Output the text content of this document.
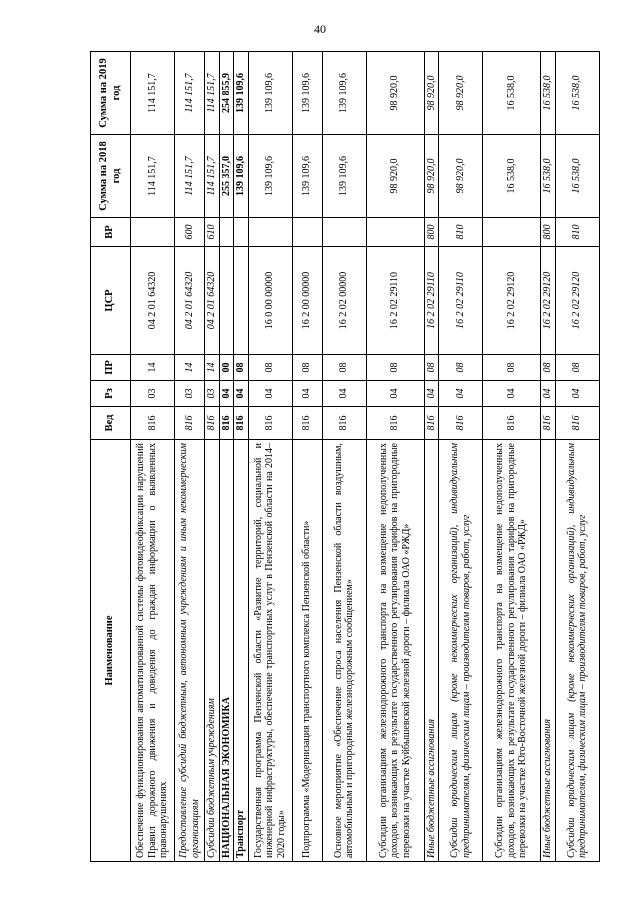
40
Наименование	Вед	Рз	ПР	ЦСР	ВР	Сумма на 2018 год	Сумма на 2019 год
Обеспечение функционирования автоматизированной системы фотовидеофиксации нарушений Правил дорожного движения и доведения до граждан информации о выявленных правонарушениях	816	03	14	04 2 01 64320		114 151,7	114 151,7
Предоставление субсидий бюджетным, автономным учреждениям и иным некоммерческим организациям	816	03	14	04 2 01 64320	600	114 151,7	114 151,7
Субсидии бюджетным учреждениям	816	03	14	04 2 01 64320	610	114 151,7	114 151,7
НАЦИОНАЛЬНАЯ ЭКОНОМИКА	816	04	00			255 357,0	254 855,9
Транспорт	816	04	08			139 109,6	139 109,6
Государственная программа Пензенской области «Развитие территорий, социальной и инженерной инфраструктуры, обеспечение транспортных услуг в Пензенской области на 2014–2020 годы»	816	04	08	16 0 00 00000		139 109,6	139 109,6
Подпрограмма «Модернизация транспортного комплекса Пензенской области»	816	04	08	16 2 00 00000		139 109,6	139 109,6
Основное мероприятие «Обеспечение спроса населения Пензенской области воздушным, автомобильным и пригородным железнодорожным сообщением»	816	04	08	16 2 02 00000		139 109,6	139 109,6
Субсидии организациям железнодорожного транспорта на возмещение недополученных доходов, возникающих в результате государственного регулирования тарифов на пригородные перевозки на участке Куйбышевской железной дороги – филиала ОАО «РЖД»	816	04	08	16 2 02 29110		98 920,0	98 920,0
Иные бюджетные ассигнования	816	04	08	16 2 02 29110	800	98 920,0	98 920,0
Субсидии юридическим лицам (кроме некоммерческих организаций), индивидуальным предпринимателям, физическим лицам – производителям товаров, работ, услуг	816	04	08	16 2 02 29110	810	98 920,0	98 920,0
Субсидии организациям железнодорожного транспорта на возмещение недополученных доходов, возникающих в результате государственного регулирования тарифов на пригородные перевозки на участке Юго-Восточной железной дороги – филиала ОАО «РЖД»	816	04	08	16 2 02 29120		16 538,0	16 538,0
Иные бюджетные ассигнования	816	04	08	16 2 02 29120	800	16 538,0	16 538,0
Субсидии юридическим лицам (кроме некоммерческих организаций), индивидуальным предпринимателям, физическим лицам – производителям товаров, работ, услуг	816	04	08	16 2 02 29120	810	16 538,0	16 538,0
